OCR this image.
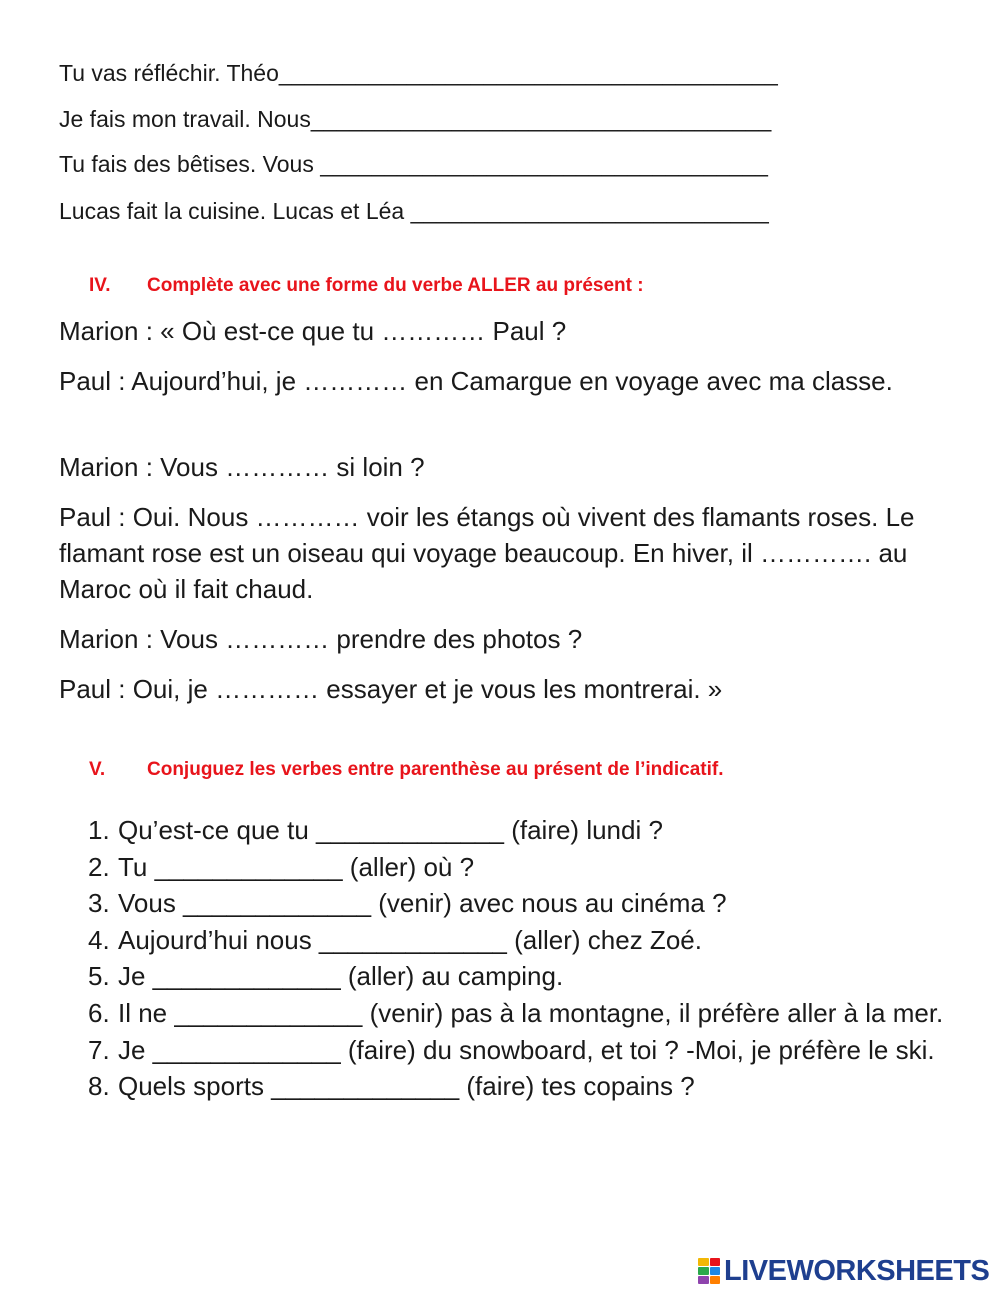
Tu vas réfléchir. Théo_______________________________________
Je fais mon travail. Nous____________________________________
Tu fais des bêtises. Vous ___________________________________
Lucas fait la cuisine. Lucas et Léa ____________________________
IV. Complète avec une forme du verbe ALLER au présent :
Marion : « Où est-ce que tu ………… Paul ?
Paul : Aujourd’hui, je ………… en Camargue en voyage avec ma classe.
Marion : Vous ………… si loin ?
Paul : Oui. Nous ………… voir les étangs où vivent des flamants roses. Le flamant rose est un oiseau qui voyage beaucoup. En hiver, il …………. au Maroc où il fait chaud.
Marion : Vous ………… prendre des photos ?
Paul : Oui, je ………… essayer et je vous les montrerai. »
V. Conjuguez les verbes entre parenthèse au présent de l’indicatif.
1. Qu’est-ce que tu _____________ (faire) lundi ?
2. Tu _____________ (aller) où ?
3. Vous _____________ (venir) avec nous au cinéma ?
4. Aujourd’hui nous _____________ (aller) chez Zoé.
5. Je _____________ (aller) au camping.
6. Il ne _____________ (venir) pas à la montagne, il préfère aller à la mer.
7. Je _____________ (faire) du snowboard, et toi ? -Moi, je préfère le ski.
8. Quels sports _____________ (faire) tes copains ?
LIVEWORKSHEETS
